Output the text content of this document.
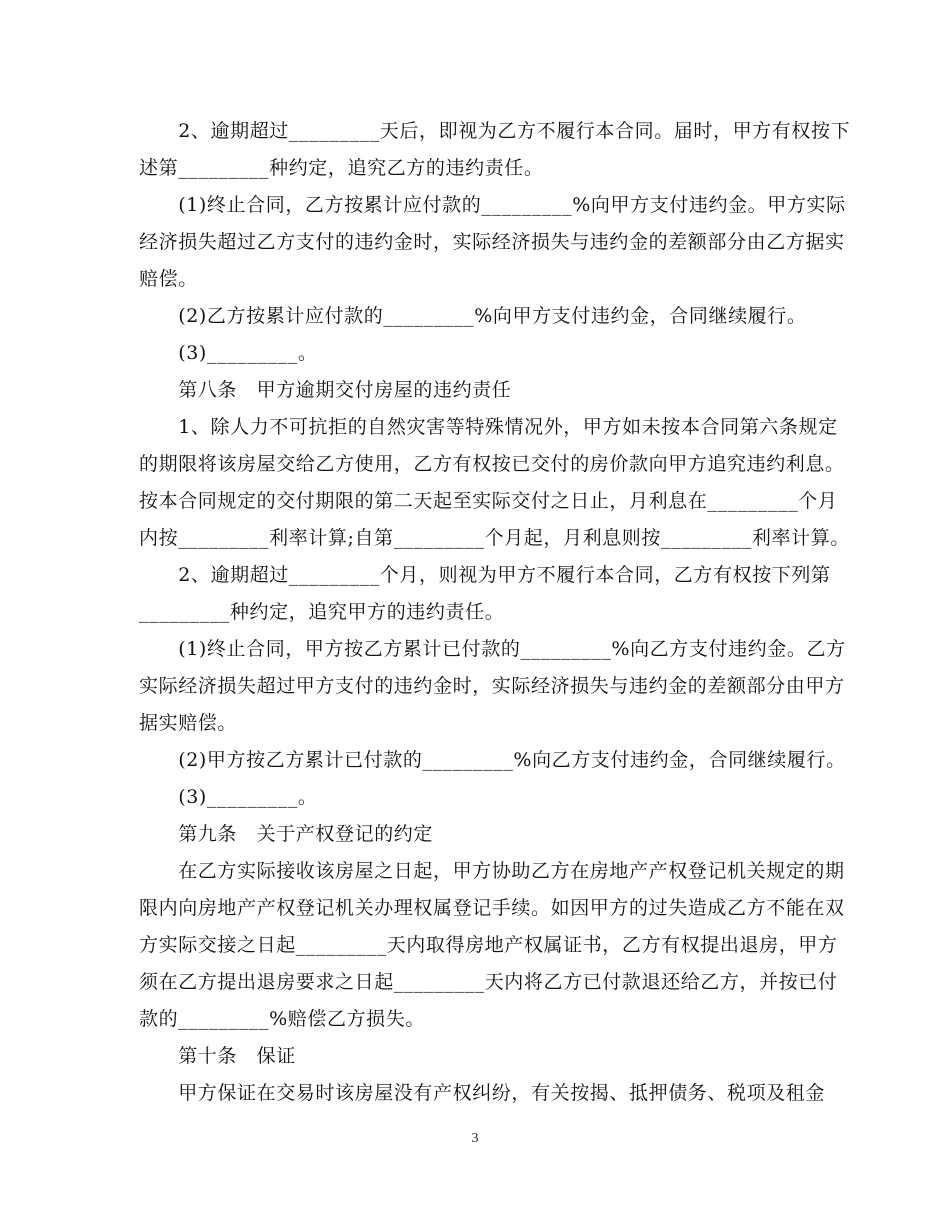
　　2、逾期超过_________天后，即视为乙方不履行本合同。届时，甲方有权按下
述第_________种约定，追究乙方的违约责任。
　　(1)终止合同，乙方按累计应付款的_________%向甲方支付违约金。甲方实际
经济损失超过乙方支付的违约金时，实际经济损失与违约金的差额部分由乙方据实
赔偿。
　　(2)乙方按累计应付款的_________%向甲方支付违约金，合同继续履行。
　　(3)_________。
　　第八条　甲方逾期交付房屋的违约责任
　　1、除人力不可抗拒的自然灾害等特殊情况外，甲方如未按本合同第六条规定
的期限将该房屋交给乙方使用，乙方有权按已交付的房价款向甲方追究违约利息。
按本合同规定的交付期限的第二天起至实际交付之日止，月利息在_________个月
内按_________利率计算;自第_________个月起，月利息则按_________利率计算。
　　2、逾期超过_________个月，则视为甲方不履行本合同，乙方有权按下列第
_________种约定，追究甲方的违约责任。
　　(1)终止合同，甲方按乙方累计已付款的_________%向乙方支付违约金。乙方
实际经济损失超过甲方支付的违约金时，实际经济损失与违约金的差额部分由甲方
据实赔偿。
　　(2)甲方按乙方累计已付款的_________%向乙方支付违约金，合同继续履行。
　　(3)_________。
　　第九条　关于产权登记的约定
　　在乙方实际接收该房屋之日起，甲方协助乙方在房地产产权登记机关规定的期
限内向房地产产权登记机关办理权属登记手续。如因甲方的过失造成乙方不能在双
方实际交接之日起_________天内取得房地产权属证书，乙方有权提出退房，甲方
须在乙方提出退房要求之日起_________天内将乙方已付款退还给乙方，并按已付
款的_________%赔偿乙方损失。
　　第十条　保证
　　甲方保证在交易时该房屋没有产权纠纷，有关按揭、抵押债务、税项及租金
3
